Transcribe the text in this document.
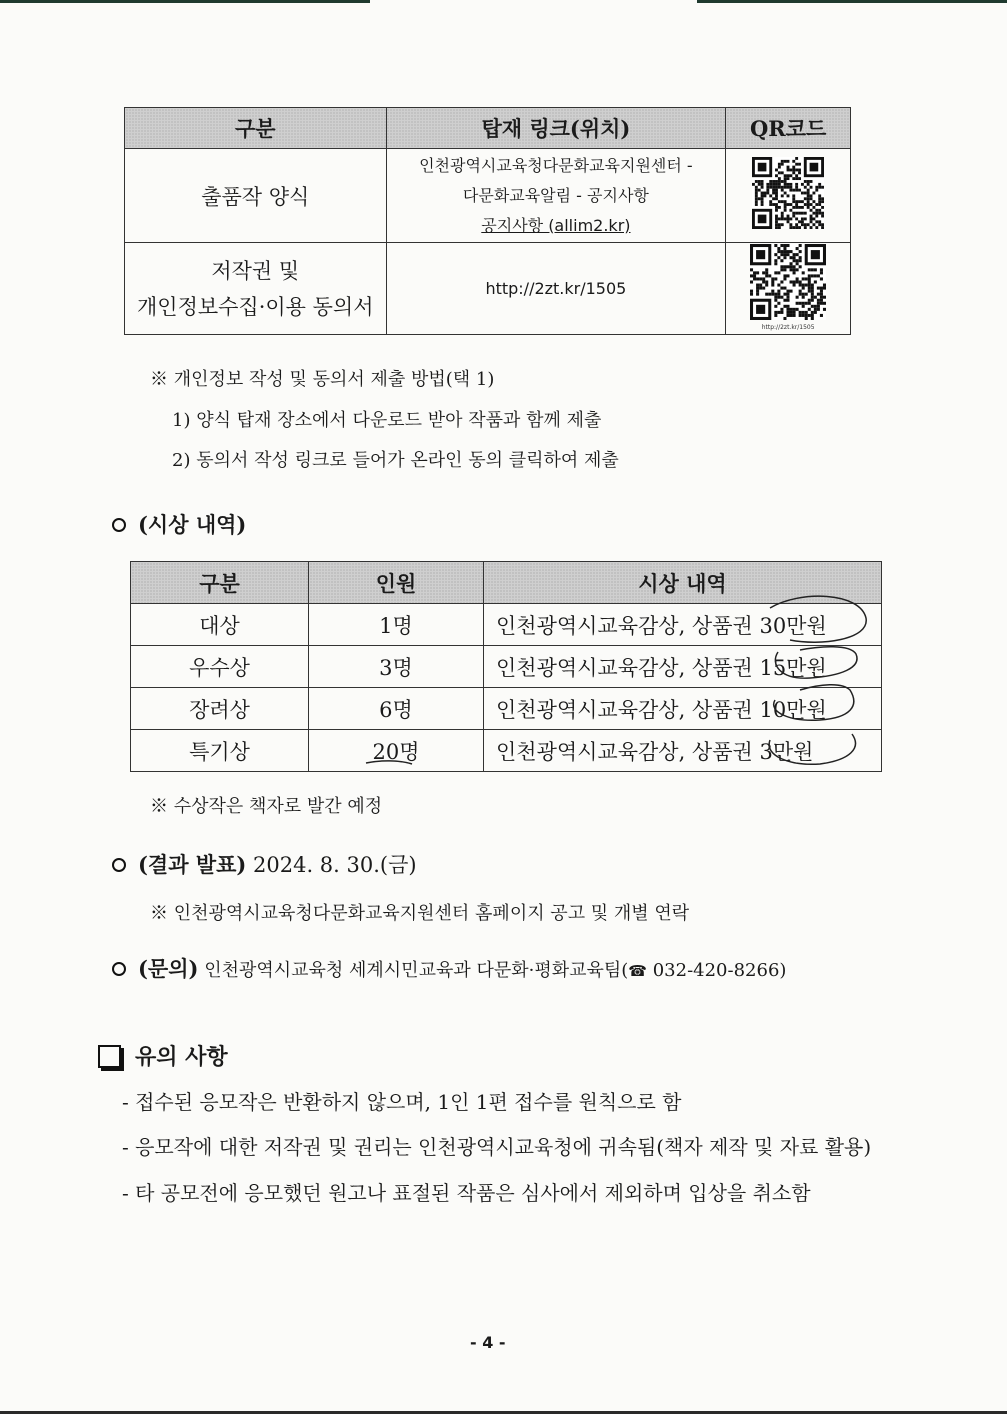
구분	탑재 링크(위치)	QR코드
출품작 양식	인천광역시교육청다문화교육지원센터 -
다문화교육알림 - 공지사항
공지사항 (allim2.kr)

저작권 및
개인정보수집·이용 동의서	http://2zt.kr/1505	http://2zt.kr/1505
※ 개인정보 작성 및 동의서 제출 방법(택 1)
1) 양식 탑재 장소에서 다운로드 받아 작품과 함께 제출
2) 동의서 작성 링크로 들어가 온라인 동의 클릭하여 제출
(시상 내역)
구분	인원	시상 내역
대상	1명	인천광역시교육감상, 상품권 30만원
우수상	3명	인천광역시교육감상, 상품권 15만원
장려상	6명	인천광역시교육감상, 상품권 10만원
특기상	20명	인천광역시교육감상, 상품권 3만원
※ 수상작은 책자로 발간 예정
(결과 발표) 2024. 8. 30.(금)
※ 인천광역시교육청다문화교육지원센터 홈페이지 공고 및 개별 연락
(문의) 인천광역시교육청 세계시민교육과 다문화·평화교육팀(☎ 032-420-8266)
유의 사항
- 접수된 응모작은 반환하지 않으며, 1인 1편 접수를 원칙으로 함
- 응모작에 대한 저작권 및 권리는 인천광역시교육청에 귀속됨(책자 제작 및 자료 활용)
- 타 공모전에 응모했던 원고나 표절된 작품은 심사에서 제외하며 입상을 취소함
- 4 -
